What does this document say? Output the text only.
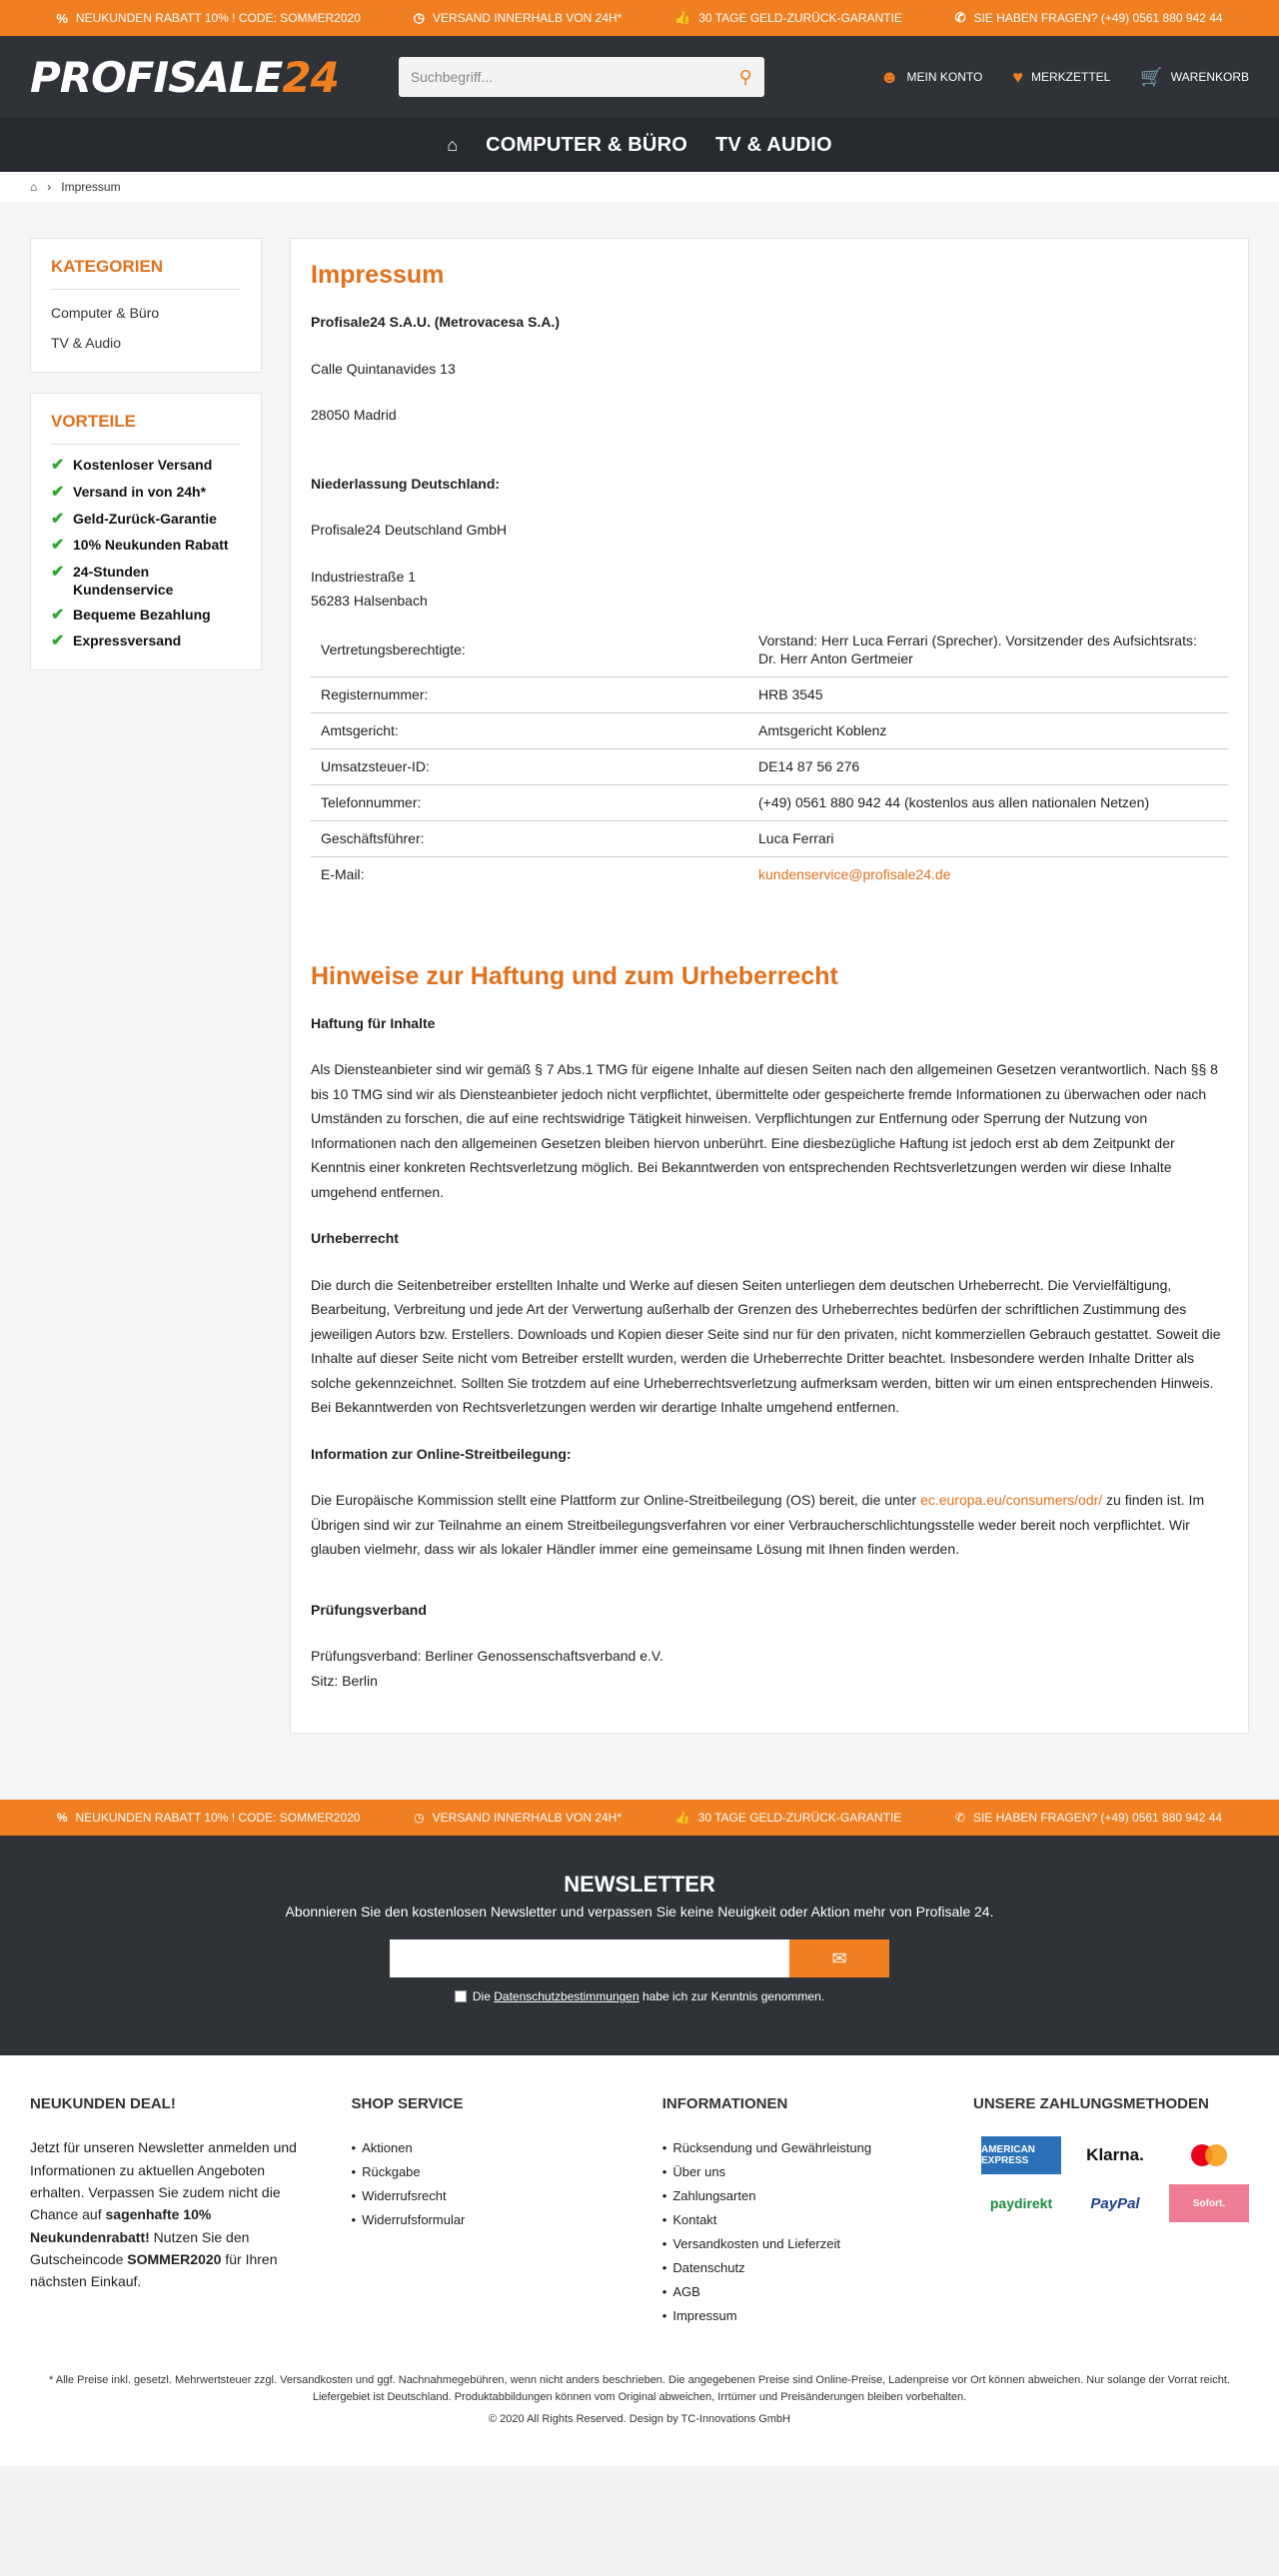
% NEUKUNDEN RABATT 10% ! CODE: SOMMER2020	◷ VERSAND INNERHALB VON 24H*	👍 30 TAGE GELD-ZURÜCK-GARANTIE	✆ SIE HABEN FRAGEN? (+49) 0561 880 942 44
PROFISALE24
Suchbegriff...	⚲	☻ MEIN KONTO ♥ MERKZETTEL 🛒 WARENKORB
⌂ COMPUTER & BÜRO TV & AUDIO
⌂ › Impressum
KATEGORIEN
Computer & Büro
TV & Audio
VORTEILE
✔ Kostenloser Versand
✔ Versand in von 24h*
✔ Geld-Zurück-Garantie
✔ 10% Neukunden Rabatt
✔ 24-Stunden Kundenservice
✔ Bequeme Bezahlung
✔ Expressversand
Impressum

Profisale24 S.A.U. (Metrovacesa S.A.)

Calle Quintanavides 13

28050 Madrid

Niederlassung Deutschland:

Profisale24 Deutschland GmbH

Industriestraße 1

56283 Halsenbach

Vertretungsberechtigte:	Vorstand: Herr Luca Ferrari (Sprecher). Vorsitzender des Aufsichtsrats: Dr. Herr Anton Gertmeier
Registernummer:	HRB 3545
Amtsgericht:	Amtsgericht Koblenz
Umsatzsteuer-ID:	DE14 87 56 276
Telefonnummer:	(+49) 0561 880 942 44 (kostenlos aus allen nationalen Netzen)
Geschäftsführer:	Luca Ferrari
E-Mail:	kundenservice@profisale24.de
Hinweise zur Haftung und zum Urheberrecht

Haftung für Inhalte

Als Diensteanbieter sind wir gemäß § 7 Abs.1 TMG für eigene Inhalte auf diesen Seiten nach den allgemeinen Gesetzen verantwortlich. Nach §§ 8 bis 10 TMG sind wir als Diensteanbieter jedoch nicht verpflichtet, übermittelte oder gespeicherte fremde Informationen zu überwachen oder nach Umständen zu forschen, die auf eine rechtswidrige Tätigkeit hinweisen. Verpflichtungen zur Entfernung oder Sperrung der Nutzung von Informationen nach den allgemeinen Gesetzen bleiben hiervon unberührt. Eine diesbezügliche Haftung ist jedoch erst ab dem Zeitpunkt der Kenntnis einer konkreten Rechtsverletzung möglich. Bei Bekanntwerden von entsprechenden Rechtsverletzungen werden wir diese Inhalte umgehend entfernen.

Urheberrecht

Die durch die Seitenbetreiber erstellten Inhalte und Werke auf diesen Seiten unterliegen dem deutschen Urheberrecht. Die Vervielfältigung, Bearbeitung, Verbreitung und jede Art der Verwertung außerhalb der Grenzen des Urheberrechtes bedürfen der schriftlichen Zustimmung des jeweiligen Autors bzw. Erstellers. Downloads und Kopien dieser Seite sind nur für den privaten, nicht kommerziellen Gebrauch gestattet. Soweit die Inhalte auf dieser Seite nicht vom Betreiber erstellt wurden, werden die Urheberrechte Dritter beachtet. Insbesondere werden Inhalte Dritter als solche gekennzeichnet. Sollten Sie trotzdem auf eine Urheberrechtsverletzung aufmerksam werden, bitten wir um einen entsprechenden Hinweis. Bei Bekanntwerden von Rechtsverletzungen werden wir derartige Inhalte umgehend entfernen.

Information zur Online-Streitbeilegung:

Die Europäische Kommission stellt eine Plattform zur Online-Streitbeilegung (OS) bereit, die unter ec.europa.eu/consumers/odr/ zu finden ist. Im Übrigen sind wir zur Teilnahme an einem Streitbeilegungsverfahren vor einer Verbraucherschlichtungsstelle weder bereit noch verpflichtet. Wir glauben vielmehr, dass wir als lokaler Händler immer eine gemeinsame Lösung mit Ihnen finden werden.

Prüfungsverband

Prüfungsverband: Berliner Genossenschaftsverband e.V.

Sitz: Berlin

% NEUKUNDEN RABATT 10% ! CODE: SOMMER2020	◷ VERSAND INNERHALB VON 24H*	👍 30 TAGE GELD-ZURÜCK-GARANTIE	✆ SIE HABEN FRAGEN? (+49) 0561 880 942 44
NEWSLETTER

Abonnieren Sie den kostenlosen Newsletter und verpassen Sie keine Neuigkeit oder Aktion mehr von Profisale 24.

✉
Die Datenschutzbestimmungen habe ich zur Kenntnis genommen.
NEUKUNDEN DEAL!

Jetzt für unseren Newsletter anmelden und Informationen zu aktuellen Angeboten erhalten. Verpassen Sie zudem nicht die Chance auf sagenhafte 10% Neukundenrabatt! Nutzen Sie den Gutscheincode SOMMER2020 für Ihren nächsten Einkauf.

SHOP SERVICE
• Aktionen
• Rückgabe
• Widerrufsrecht
• Widerrufsformular
INFORMATIONEN
• Rücksendung und Gewährleistung
• Über uns
• Zahlungsarten
• Kontakt
• Versandkosten und Lieferzeit
• Datenschutz
• AGB
• Impressum
UNSERE ZAHLUNGSMETHODEN
AMERICAN EXPRESS	Klarna.
paydirekt	PayPal	Sofort.

* Alle Preise inkl. gesetzl. Mehrwertsteuer zzgl. Versandkosten und ggf. Nachnahmegebühren, wenn nicht anders beschrieben. Die angegebenen Preise sind Online-Preise, Ladenpreise vor Ort können abweichen. Nur solange der Vorrat reicht. Liefergebiet ist Deutschland. Produktabbildungen können vom Original abweichen, Irrtümer und Preisänderungen bleiben vorbehalten.

© 2020 All Rights Reserved. Design by TC-Innovations GmbH
